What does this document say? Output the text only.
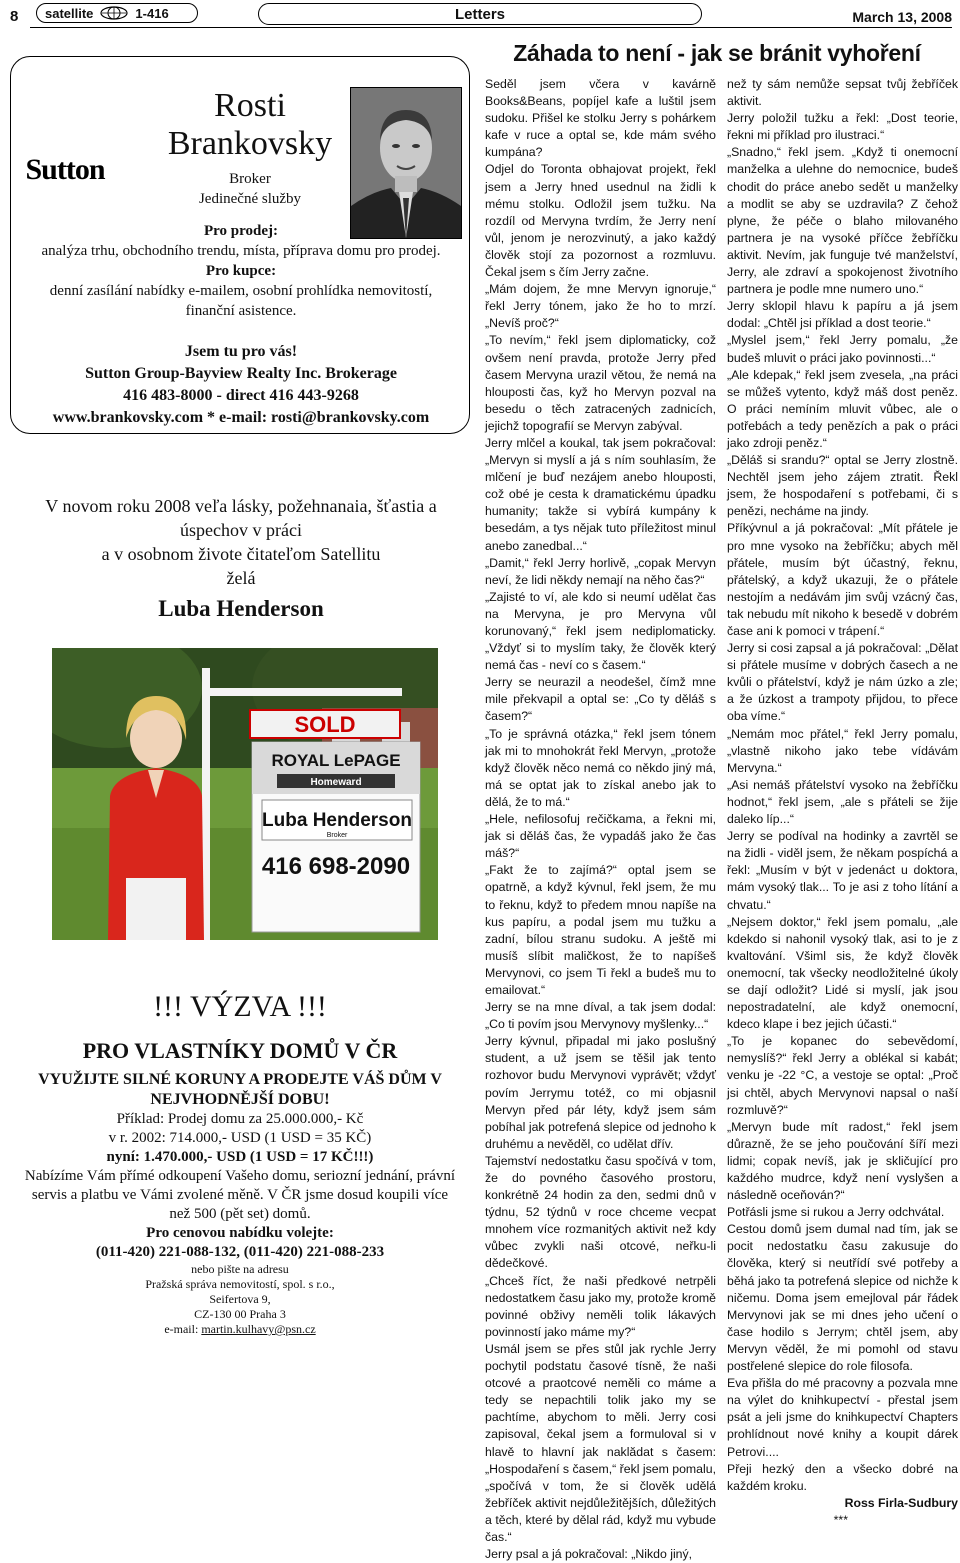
8 satellite	1-416	Letters	March 13, 2008
Sutton
Rosti
Brankovsky
Broker
Jedinečné služby
Pro prodej:
analýza trhu, obchodního trendu, místa, příprava domu pro prodej.
Pro kupce:
denní zasílání nabídky e-mailem, osobní prohlídka nemovitostí, finanční asistence.
Jsem tu pro vás!
Sutton Group-Bayview Realty Inc. Brokerage
416 483-8000 - direct 416 443-9268
www.brankovsky.com * e-mail: rosti@brankovsky.com
V novom roku 2008 veľa lásky, požehnanaia, šťastia a
úspechov v práci
a v osobnom živote čitateľom Satellitu
želá
Luba Henderson
SOLD
ROYAL LePAGE
Homeward
Luba Henderson
Broker
416 698-2090
!!! VÝZVA !!!
PRO VLASTNÍKY DOMŮ V ČR
VYUŽIJTE SILNÉ KORUNY A PRODEJTE VÁŠ DŮM V NEJVHODNĚJŠÍ DOBU!
Příklad: Prodej domu za 25.000.000,- Kč
v r. 2002: 714.000,- USD (1 USD = 35 KČ)
nyní: 1.470.000,- USD (1 USD = 17 KČ!!!)
Nabízíme Vám přímé odkoupení Vašeho domu, seriozní jednání, právní servis a platbu ve Vámi zvolené měně. V ČR jsme dosud koupili více než 500 (pět set) domů.
Pro cenovou nabídku volejte:
(011-420) 221-088-132, (011-420) 221-088-233
nebo pište na adresu
Pražská správa nemovitostí, spol. s r.o.,
Seifertova 9,
CZ-130 00 Praha 3
e-mail: martin.kulhavy@psn.cz
Záhada to není - jak se bránit vyhoření

Seděl jsem včera v kavárně Books&Beans, popíjel kafe a luštil jsem sudoku. Přišel ke stolku Jerry s pohárkem kafe v ruce a optal se, kde mám svého kumpána?

Odjel do Toronta obhajovat projekt, řekl jsem a Jerry hned usednul na židli k mému stolku. Odložil jsem tužku. Na rozdíl od Mervyna tvrdím, že Jerry není vůl, jenom je nerozvinutý, a jako každý člověk stojí za pozornost a rozmluvu. Čekal jsem s čím Jerry začne.

„Mám dojem, že mne Mervyn ignoruje,“ řekl Jerry tónem, jako že ho to mrzí. „Nevíš proč?“

„To nevím,“ řekl jsem diplomaticky, což ovšem není pravda, protože Jerry před časem Mervyna urazil větou, že nemá na hlouposti čas, kyž ho Mervyn pozval na besedu o těch zatracených zadnicích, jejichž topografií se Mervyn zabýval.

Jerry mlčel a koukal, tak jsem pokračoval: „Mervyn si myslí a já s ním souhlasím, že mlčení je buď nezájem anebo hlouposti, což obé je cesta k dramatickému úpadku humanity; takže si vybírá kumpány k besedám, a tys nějak tuto příležitost minul anebo zanedbal...“

„Damit,“ řekl Jerry horlivě, „copak Mervyn neví, že lidi někdy nemají na něho čas?“

„Zajisté to ví, ale kdo si neumí udělat čas na Mervyna, je pro Mervyna vůl korunovaný,“ řekl jsem nediplomaticky. „Vždyť si to myslím taky, že člověk který nemá čas - neví co s časem.“

Jerry se neurazil a neodešel, čímž mne mile překvapil a optal se: „Co ty děláš s časem?“

„To je správná otázka,“ řekl jsem tónem jak mi to mnohokrát řekl Mervyn, „protože když člověk něco nemá co někdo jiný má, má se optat jak to získal anebo jak to dělá, že to má.“

„Hele, nefilosofuj rečičkama, a řekni mi, jak si děláš čas, že vypadáš jako že čas máš?“

„Fakt že to zajímá?“ optal jsem se opatrně, a když kývnul, řekl jsem, že mu to řeknu, když to předem mnou napíše na kus papíru, a podal jsem mu tužku a zadní, bílou stranu sudoku. A ještě mi musíš slíbit maličkost, že to napíšeš Mervynovi, co jsem Ti řekl a budeš mu to emailovat.“

Jerry se na mne díval, a tak jsem dodal: „Co ti povím jsou Mervynovy myšlenky...“

Jerry kývnul, připadal mi jako poslušný student, a už jsem se těšil jak tento rozhovor budu Mervynovi vyprávět; vždyť povím Jerrymu totéž, co mi objasnil Mervyn před pár léty, když jsem sám pobíhal jak potrefená slepice od jednoho k druhému a nevěděl, co udělat dřív.

Tajemství nedostatku času spočívá v tom, že do povného časového prostoru, konkrétně 24 hodin za den, sedmi dnů v týdnu, 52 týdnů v roce chceme vecpat mnohem více rozmanitých aktivit než kdy vůbec zvykli naši otcové, neřku-li dědečkové.

„Chceš říct, že naši předkové netrpěli nedostatkem času jako my, protože kromě povinné obživy neměli tolik lákavých povinností jako máme my?“

Usmál jsem se přes stůl jak rychle Jerry pochytil podstatu časové tísně, že naši otcové a praotcové neměli co máme a tedy se nepachtili tolik jako my se pachtíme, abychom to měli. Jerry cosi zapisoval, čekal jsem a formuloval si v hlavě to hlavní jak naklădat s časem: „Hospodaření s časem,“ řekl jsem pomalu, „spočívá v tom, že si člověk udělá žebříček aktivit nejdůležitějších, důležitých a těch, které by dělal rád, když mu vybude čas.“

Jerry psal a já pokračoval: „Nikdo jiný,

než ty sám nemůže sepsat tvůj žebříček aktivit.

Jerry položil tužku a řekl: „Dost teorie, řekni mi příklad pro ilustraci.“

„Snadno,“ řekl jsem. „Když ti onemocní manželka a ulehne do nemocnice, budeš chodit do práce anebo sedět u manželky a modlit se aby se uzdravila? Z čehož plyne, že péče o blaho milovaného partnera je na vysoké příčce žebříčku aktivit. Nevím, jak funguje tvé manželství, Jerry, ale zdraví a spokojenost životního partnera je podle mne numero uno.“

Jerry sklopil hlavu k papíru a já jsem dodal: „Chtěl jsi příklad a dost teorie.“

„Myslel jsem,“ řekl Jerry pomalu, „že budeš mluvit o práci jako povinnosti...“

„Ale kdepak,“ řekl jsem zvesela, „na práci se můžeš vytento, když máš dost peněz. O práci nemíním mluvit vůbec, ale o potřebách a tedy penězích a pak o práci jako zdroji peněz.“

„Děláš si srandu?“ optal se Jerry zlostně. Nechtěl jsem jeho zájem ztratit. Řekl jsem, že hospodaření s potřebami, či s penězi, necháme na jindy.

Příkývnul a já pokračoval: „Mít přátele je pro mne vysoko na žebříčku; abych měl přátele, musím být účastný, řeknu, přátelský, a když ukazuji, že o přátele nestojím a nedávám jim svůj vzácný čas, tak nebudu mít nikoho k besedě v dobrém čase ani k pomoci v trápení.“

Jerry si cosi zapsal a já pokračoval: „Dělat si přátele musíme v dobrých časech a ne kvůli o přátelství, když je nám úzko a zle; a že úzkost a trampoty přijdou, to přece oba víme.“

„Nemám moc přátel,“ řekl Jerry pomalu, „vlastně nikoho jako tebe vídávám Mervyna.“

„Asi nemáš přátelství vysoko na žebříčku hodnot,“ řekl jsem, „ale s přáteli se žije daleko líp...“

Jerry se podíval na hodinky a zavrtěl se na židli - viděl jsem, že někam pospíchá a řekl: „Musím v být v jedenáct u doktora, mám vysoký tlak... To je asi z toho lítání a chvatu.“

„Nejsem doktor,“ řekl jsem pomalu, „ale kdekdo si nahonil vysoký tlak, asi to je z kvaltování. Všiml sis, že když člověk onemocní, tak všecky neodložitelné úkoly se dají odložit? Lidé si myslí, jak jsou nepostradatelní, ale když onemocní, kdeco klape i bez jejich účasti.“

„To je kopanec do sebevědomí, nemyslíš?“ řekl Jerry a oblékal si kabát; venku je -22 °C, a vestoje se optal: „Proč jsi chtěl, abych Mervynovi napsal o naší rozmluvě?“

„Mervyn bude mít radost,“ řekl jsem důrazně, že se jeho poučování šíří mezi lidmi; copak nevíš, jak je skličující pro každého mudrce, když není vyslyšen a následně oceňován?“

Potřásli jsme si rukou a Jerry odchvátal.

Cestou domů jsem dumal nad tím, jak se pocit nedostatku času zakusuje do člověka, který si neutřídí své potřeby a běhá jako ta potrefená slepice od nichže k ničemu. Doma jsem emejloval pár řádek Mervynovi jak se mi dnes jeho učení o čase hodilo s Jerrym; chtěl jsem, aby Mervyn věděl, že mi pomohl od stavu postřelené slepice do role filosofa.

Eva přišla do mé pracovny a pozvala mne na výlet do knihkupectví - přestal jsem psát a jeli jsme do knihkupectví Chapters prohlídnout nové knihy a koupit dárek Petrovi....

Přeji hezký den a všecko dobré na každém kroku.

Ross Firla-Sudbury

***
